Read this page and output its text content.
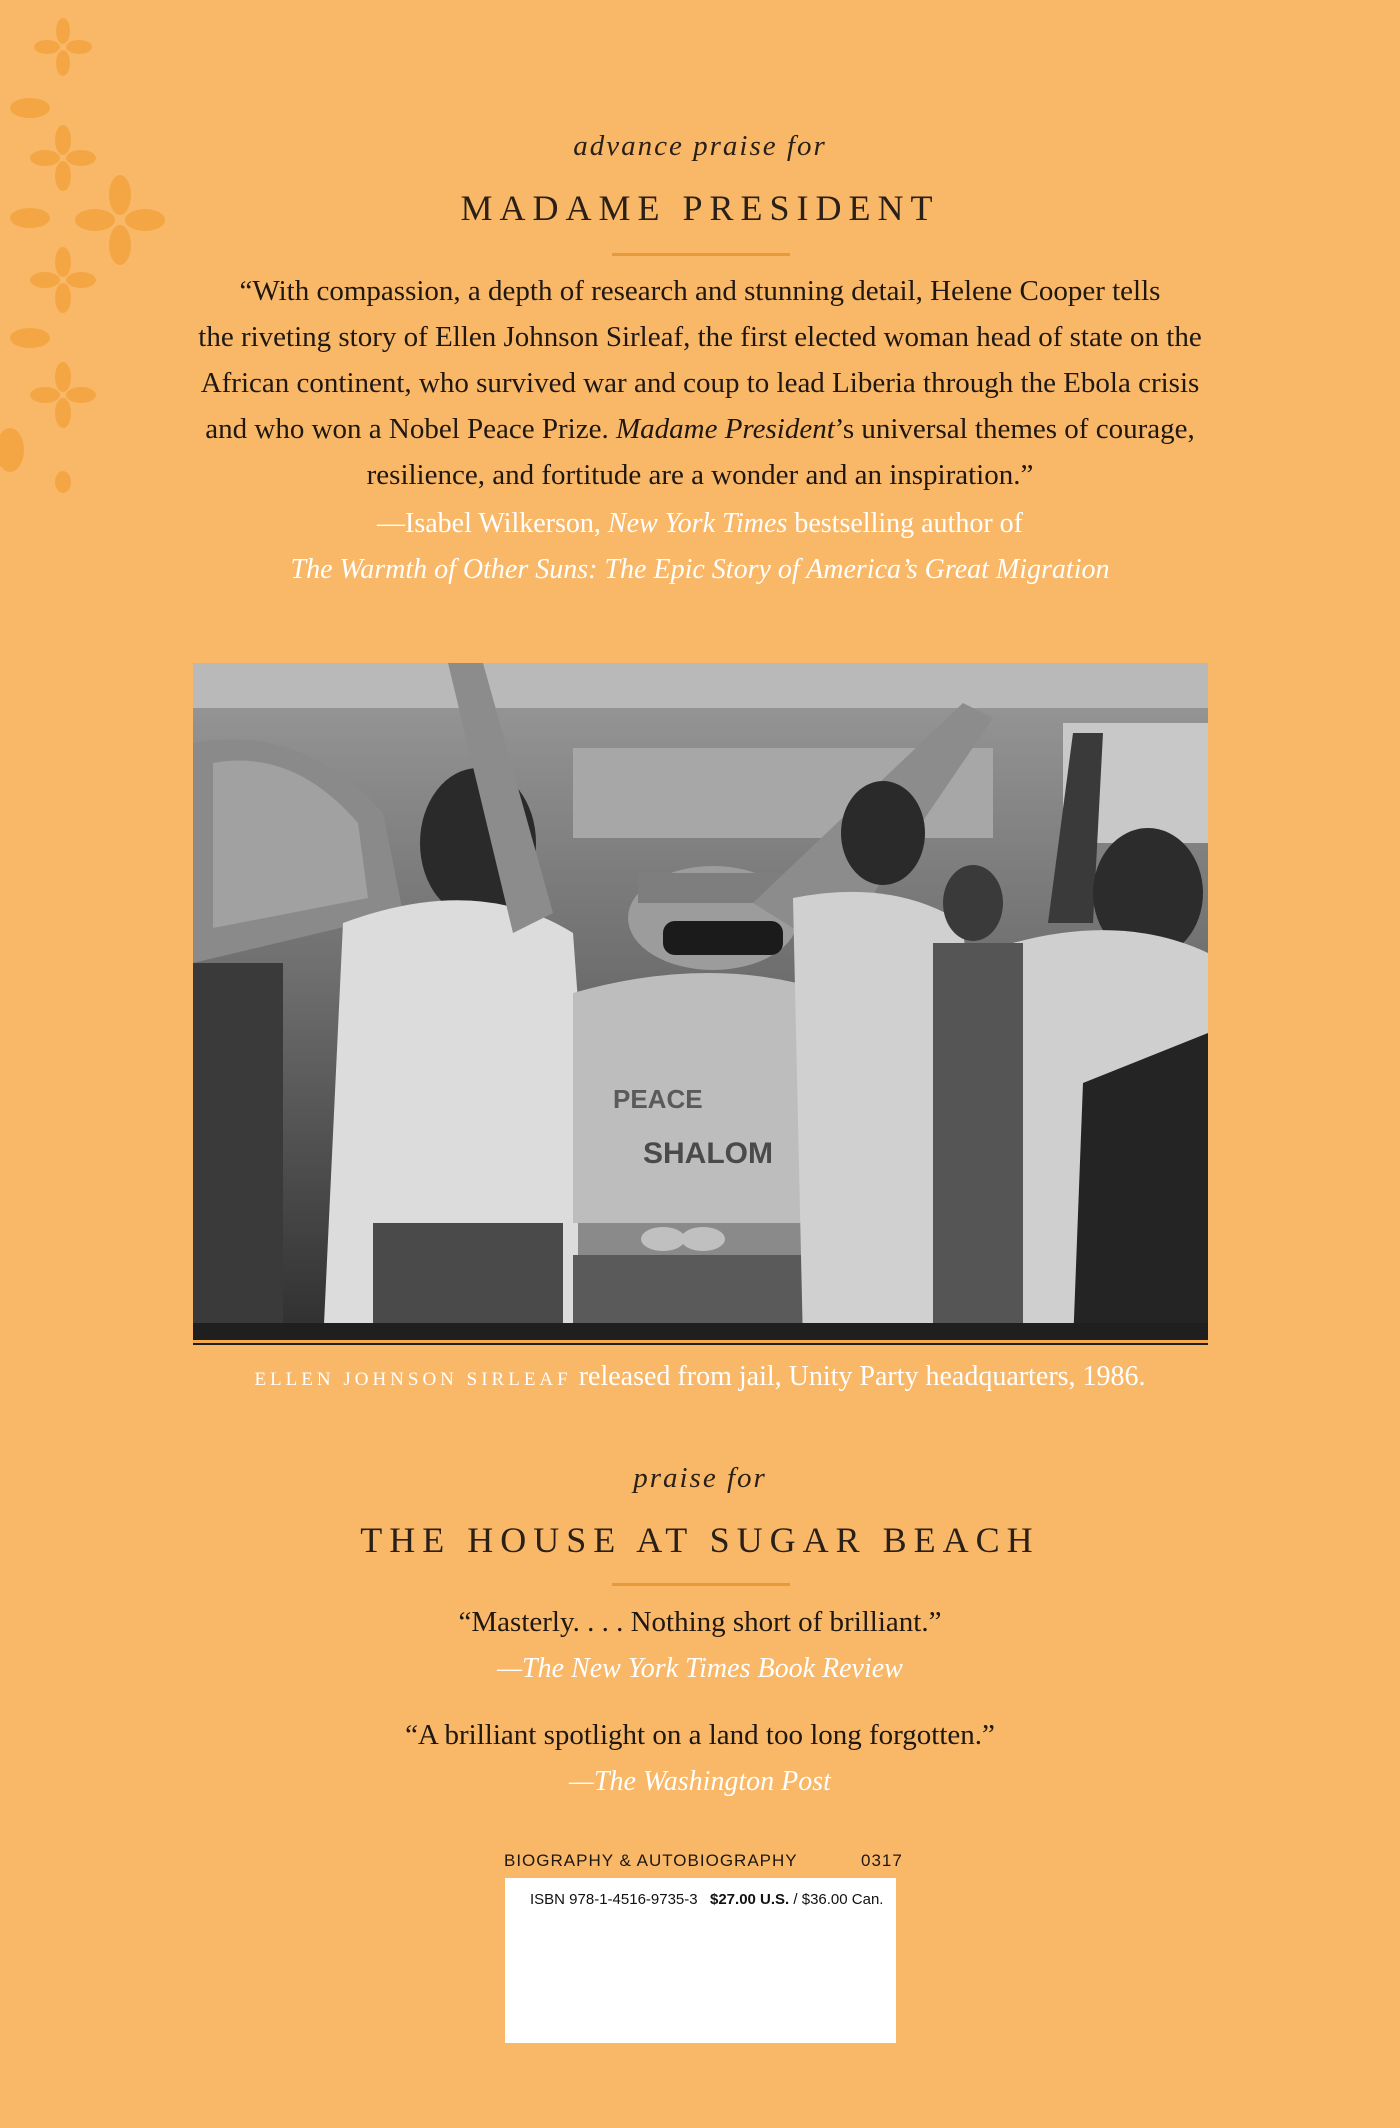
advance praise for
MADAME PRESIDENT
“With compassion, a depth of research and stunning detail, Helene Cooper tells
the riveting story of Ellen Johnson Sirleaf, the first elected woman head of state on the
African continent, who survived war and coup to lead Liberia through the Ebola crisis
and who won a Nobel Peace Prize. Madame President’s universal themes of courage,
resilience, and fortitude are a wonder and an inspiration.”
—Isabel Wilkerson, New York Times bestselling author of
The Warmth of Other Suns: The Epic Story of America’s Great Migration
PEACE
SHALOM
ELLEN JOHNSON SIRLEAF released from jail, Unity Party headquarters, 1986.
praise for
THE HOUSE AT SUGAR BEACH
“Masterly. . . . Nothing short of brilliant.”
—The New York Times Book Review
“A brilliant spotlight on a land too long forgotten.”
—The Washington Post
BIOGRAPHY & AUTOBIOGRAPHY	0317
ISBN 978-1-4516-9735-3 $27.00 U.S. / $36.00 Can.
